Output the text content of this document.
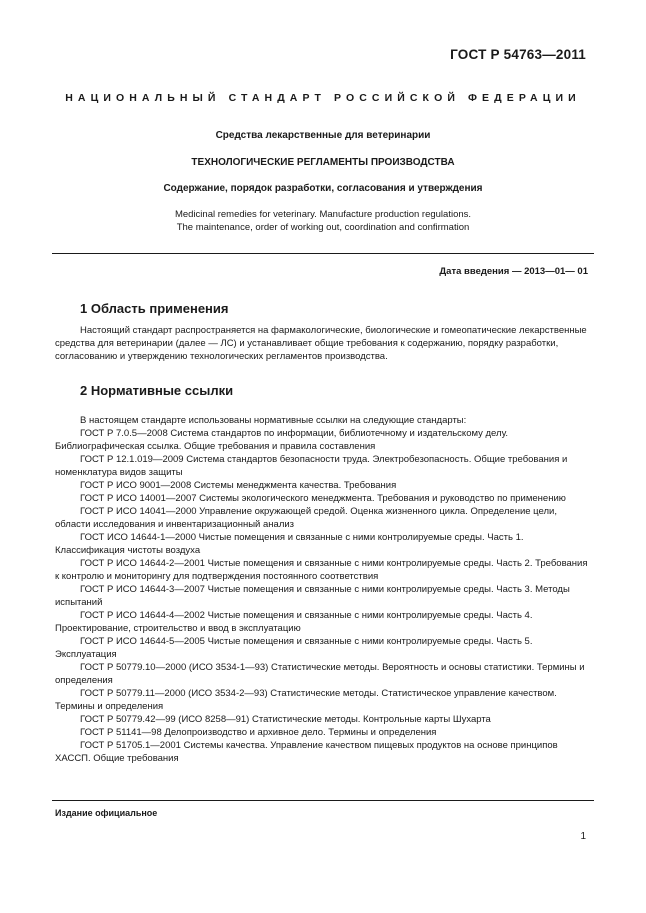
ГОСТ Р 54763—2011
НАЦИОНАЛЬНЫЙ СТАНДАРТ РОССИЙСКОЙ ФЕДЕРАЦИИ
Средства лекарственные для ветеринарии
ТЕХНОЛОГИЧЕСКИЕ РЕГЛАМЕНТЫ ПРОИЗВОДСТВА
Содержание, порядок разработки, согласования и утверждения
Medicinal remedies for veterinary. Manufacture production regulations.
The maintenance, order of working out, coordination and confirmation
Дата введения — 2013—01— 01
1 Область применения

Настоящий стандарт распространяется на фармакологические, биологические и гомеопатические лекарственные средства для ветеринарии (далее — ЛС) и устанавливает общие требования к содержанию, порядку разработки, согласованию и утверждению технологических регламентов производства.

2 Нормативные ссылки

В настоящем стандарте использованы нормативные ссылки на следующие стандарты:

ГОСТ Р 7.0.5—2008 Система стандартов по информации, библиотечному и издательскому делу. Библиографическая ссылка. Общие требования и правила составления

ГОСТ Р 12.1.019—2009 Система стандартов безопасности труда. Электробезопасность. Общие требования и номенклатура видов защиты

ГОСТ Р ИСО 9001—2008 Системы менеджмента качества. Требования

ГОСТ Р ИСО 14001—2007 Системы экологического менеджмента. Требования и руководство по применению

ГОСТ Р ИСО 14041—2000 Управление окружающей средой. Оценка жизненного цикла. Определение цели, области исследования и инвентаризационный анализ

ГОСТ ИСО 14644-1—2000 Чистые помещения и связанные с ними контролируемые среды. Часть 1. Классификация чистоты воздуха

ГОСТ Р ИСО 14644-2—2001 Чистые помещения и связанные с ними контролируемые среды. Часть 2. Требования к контролю и мониторингу для подтверждения постоянного соответствия

ГОСТ Р ИСО 14644-3—2007 Чистые помещения и связанные с ними контролируемые среды. Часть 3. Методы испытаний

ГОСТ Р ИСО 14644-4—2002 Чистые помещения и связанные с ними контролируемые среды. Часть 4. Проектирование, строительство и ввод в эксплуатацию

ГОСТ Р ИСО 14644-5—2005 Чистые помещения и связанные с ними контролируемые среды. Часть 5. Эксплуатация

ГОСТ Р 50779.10—2000 (ИСО 3534-1—93) Статистические методы. Вероятность и основы статистики. Термины и определения

ГОСТ Р 50779.11—2000 (ИСО 3534-2—93) Статистические методы. Статистическое управление качеством. Термины и определения

ГОСТ Р 50779.42—99 (ИСО 8258—91) Статистические методы. Контрольные карты Шухарта

ГОСТ Р 51141—98 Делопроизводство и архивное дело. Термины и определения

ГОСТ Р 51705.1—2001 Системы качества. Управление качеством пищевых продуктов на основе принципов ХАССП. Общие требования

Издание официальное
1
